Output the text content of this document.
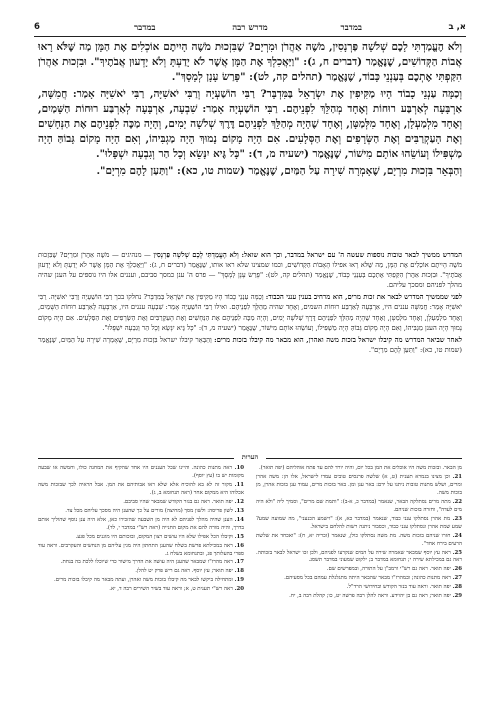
6	במדבר	מדרש רבה	במדבר	א, ב

וְלֹא הֶעֱמַדְתִּי לָכֶם שְׁלֹשָׁה פַּרְנָסִין, מֹשֶׁה אַהֲרֹן וּמִרְיָם? שֶׁבִּזְכוּת מֹשֶׁה הָיִיתֶם אוֹכְלִים אֶת הַמָּן מַה שֶּׁלֹּא רָאוּ אֲבוֹת הַקְּדוֹשִׁים, שֶׁנֶּאֱמַר (דברים ח, ג): "וַיַּאֲכִלְךָ אֶת הַמָּן אֲשֶׁר לֹא יָדַעְתָּ וְלֹא יָדְעוּן אֲבֹתֶיךָ". וּבִזְכוּת אַהֲרֹן הִקַּפְתִּי אֶתְכֶם בְּעַנְנֵי כָּבוֹד, שֶׁנֶּאֱמַר (תהלים קה, לט): "פָּרַשׂ עָנָן לְמָסָךְ".

וְכַמָּה עַנְנֵי כָבוֹד הָיוּ מַקִּיפִין אֶת יִשְׂרָאֵל בַּמִּדְבָּר? רַבִּי הוֹשַׁעְיָה וְרַבִּי יֹאשִׁיָּה, רַבִּי יֹאשִׁיָּה אָמַר: חֲמִשָּׁה, אַרְבָּעָה לְאַרְבַּע רוּחוֹת וְאֶחָד מְהַלֵּךְ לִפְנֵיהֶם. רַבִּי הוֹשַׁעְיָה אָמַר: שִׁבְעָה, אַרְבָּעָה לְאַרְבַּע רוּחוֹת הַשָּׁמַיִם, וְאֶחָד מִלְמַעְלָן, וְאֶחָד מִלְּמַטָּן, וְאֶחָד שֶׁהָיָה מְהַלֵּךְ לִפְנֵיהֶם דֶּרֶךְ שְׁלֹשָׁה יָמִים, וְהָיָה מַכֶּה לִפְנֵיהֶם אֶת הַנְּחָשִׁים וְאֶת הָעַקְרַבִּים וְאֶת הַשְּׂרָפִים וְאֶת הַסְּלָעִים. אִם הָיָה מָקוֹם נָמוּךְ הָיָה מַגְבִּיהוֹ, וְאִם הָיָה מָקוֹם גָּבוֹהַּ הָיָה מַשְׁפִּילוֹ וְעוֹשֵׂהוּ אוֹתָם מִישׁוֹר, שֶׁנֶּאֱמַר (ישעיה מ, ד): "כָּל גֶּיא יִנָּשֵׂא וְכָל הַר וְגִבְעָה יִשְׁפָּלוּ".

וְהַבְּאֵר בִּזְכוּת מִרְיָם, שֶׁאָמְרָה שִׁירָה עַל הַמַּיִם, שֶׁנֶּאֱמַר (שמות טו, כא): "וַתַּעַן לָהֶם מִרְיָם".

המדרש ממשיך לבאר טובות נוספות שעשה ה' עם ישראל במדבר, וכך הוא שואל: וְלֹא הֶעֱמַדְתִּי לָכֶם שְׁלֹשָׁה פַּרְנָסִין — מנהיגים — מֹשֶׁה אַהֲרֹן וּמִרְיָם? שֶׁבִּזְכוּת מֹשֶׁה הָיִיתֶם אוֹכְלִים אֶת הַמָּן, מַה שֶּׁלֹּא רָאוּ אפילו הָאָבוֹת הַקְּדוֹשִׁים, וכמו שמצינו שלא ראו אותו, שֶׁנֶּאֱמַר (דברים ח, ג): "וַיַּאֲכִלְךָ אֶת הַמָּן אֲשֶׁר לֹא יָדַעְתָּ וְלֹא יָדְעוּן אֲבֹתֶיךָ". וּבִזְכוּת אַהֲרֹן הִקַּפְתִּי אֶתְכֶם בְּעַנְנֵי כָּבוֹד, שֶׁנֶּאֱמַר (תהלים קה, לט): "פָּרַשׂ עָנָן לְמָסָךְ" — פרס ה' ענן כמסך סביבם, ועננים אלו היו נוספים על הענן שהיה מהלך לפניהם ומסכך עליהם.

לפני שממשיך המדרש לבאר את זכות מרים, הוא מרחיב בענין ענני הכבוד: וְכַמָּה עַנְנֵי כָבוֹד הָיוּ מַקִּיפִין אֶת יִשְׂרָאֵל בַּמִּדְבָּר? נחלקו בכך רַבִּי הוֹשַׁעְיָה וְרַבִּי יֹאשִׁיָּה. רַבִּי יֹאשִׁיָּה אָמַר: חֲמִשָּׁה עננים היו, אַרְבָּעָה לְאַרְבַּע רוּחוֹת השמים, וְאֶחָד שהיה מְהַלֵּךְ לִפְנֵיהֶם. ואילו רַבִּי הוֹשַׁעְיָה אָמַר: שִׁבְעָה עננים היו, אַרְבָּעָה לְאַרְבַּע רוּחוֹת הַשָּׁמַיִם, וְאֶחָד מִלְמַעְלָן, וְאֶחָד מִלְּמַטָּן, וְאֶחָד שֶׁהָיָה מְהַלֵּךְ לִפְנֵיהֶם דֶּרֶךְ שְׁלֹשָׁה יָמִים, וְהָיָה מַכֶּה לִפְנֵיהֶם אֶת הַנְּחָשִׁים וְאֶת הָעַקְרַבִּים וְאֶת הַשְּׂרָפִים וְאֶת הַסְּלָעִים. אִם הָיָה מָקוֹם נָמוּךְ הָיָה הענן מַגְבִּיהוֹ, וְאִם הָיָה מָקוֹם גָּבוֹהַּ הָיָה מַשְׁפִּילוֹ, וְעוֹשֵׂהוּ אוֹתָם מִישׁוֹר, שֶׁנֶּאֱמַר (ישעיה מ, ד): "כָּל גֶּיא יִנָּשֵׂא וְכָל הַר וְגִבְעָה יִשְׁפָּלוּ".

לאחר שביאר המדרש מה קיבלו ישראל בזכות משה ואהרן, הוא מבאר מה קיבלו בזכות מרים: וְהַבְּאֵר קיבלו ישראל בִּזְכוּת מִרְיָם, שֶׁאָמְרָה שִׁירָה עַל הַמַּיִם, שֶׁנֶּאֱמַר (שמות טו, כא): "וַתַּעַן לָהֶם מִרְיָם".

הערות

10. ראה מתנות כהונה. והיינו שכל העננים היו אחד שהקיף את המחנה כולו, וחמשה או שבעה מקומות יש בו (עץ יוסף).

11. מקור זה לא בא להוכיח אלא שלא ראו אבותיהם את המן. אבל הראיה לכך שבזכות משה אכלוהו היא ממקום אחר (ראה תנחומא ב, ג).

12. יפה תואר. ראה גם בנזר הקודש שמבאר שהיו סביבם.

13. לשון פריסה: ולשון מסך (מחיצה) מורים על כך שהענן היה מסכך עליהם מכל צד.

14. הענן שהיה מהלך לפניהם לא היה מן השבעה שהזכירו כאן, אלא היה ענן נוסף שהוליך אותם בדרך, והיה מורה להם את מקום החנייה (ראה רש"י במדבר י, לד).

15. וקיבלו הכל אפילו שלא היו עושים רצון המקום, ובזכותם היו מוגנים מכל פגע.

16. ראה במכילתא פרשת בשלח שהענן התחתון היה מגין עליהם מן הנחשים והעקרבים. וראה עוד ספרי בהעלותך פג, ובתנחומא בשלח ג.

17. ראה מהרז"ו שמבאר שהענן היה עושה את הדרך מישור כדי שיוכלו ללכת בה בנחת.

18. יפה תואר; עץ יוסף. ראה גם ריש פרק יט להלן.

19. ומתחילה ביקשו לבאר מה קיבלו בזכות משה ואהרן, ועתה מבאר מה קיבלו בזכות מרים.

20. ראה רש"י תענית ט, א; וראה עוד בשיר השירים רבה ד, יא.

מן הבאר. ובזכות משה היו אוכלים את המן בכל יום, והיה יורד להם עד פתח אוהליהם (יפה תואר).

21. וכן מצינו בגמרא תענית (ט, א) שלשה פרנסים טובים עמדו לישראל, אלו הן: משה אהרן ומרים, ושלש מתנות טובות ניתנו על ידם: באר ענן ומן. באר בזכות מרים, עמוד ענן בזכות אהרן, מן בזכות משה.

22. מתה מרים נסתלקה הבאר, שנאמר (במדבר כ, א-ב): "ותמת שם מרים", וסמיך ליה "ולא היה מים לעדה", וחזרה בזכות שניהם.

23. מת אהרן נסתלקו ענני כבוד, שנאמר (במדבר כא, א): "וישמע הכנעני", מה שמועה שמע? שמע שמת אהרן ונסתלקו ענני כבוד, וכסבור ניתנה רשות להלחם בישראל.

24. חזרו שניהם בזכות משה. מת משה נסתלקו כולן, שנאמר (זכריה יא, ח): "ואכחד את שלשת הרעים בירח אחד".

25. ראה עץ יוסף שמבאר שאמרה שירה על המים שנקרעו לפניהם, ולכן זכו ישראל לבאר בזכותה. ראה גם במכילתא שירה י; תנחומא במדבר ב; ילקוט שמעוני במדבר תשסג.

26. יפה תואר. ראה גם רש"י ורמב"ן על התורה, ובמפרשים שם.

27. ראה מתנות כהונה; ובמהרז"ו מבאר שהבאר היתה מתגלגלת עמהם בכל מסעיהם.

28. יפה תואר. וראה עוד בנזר הקודש ובחידושי הרד"ל.

29. יפה תואר; ראה גם בן יהוידע. וראה להלן רבה פרשה יט, כו; קהלת רבה ב, יח.
